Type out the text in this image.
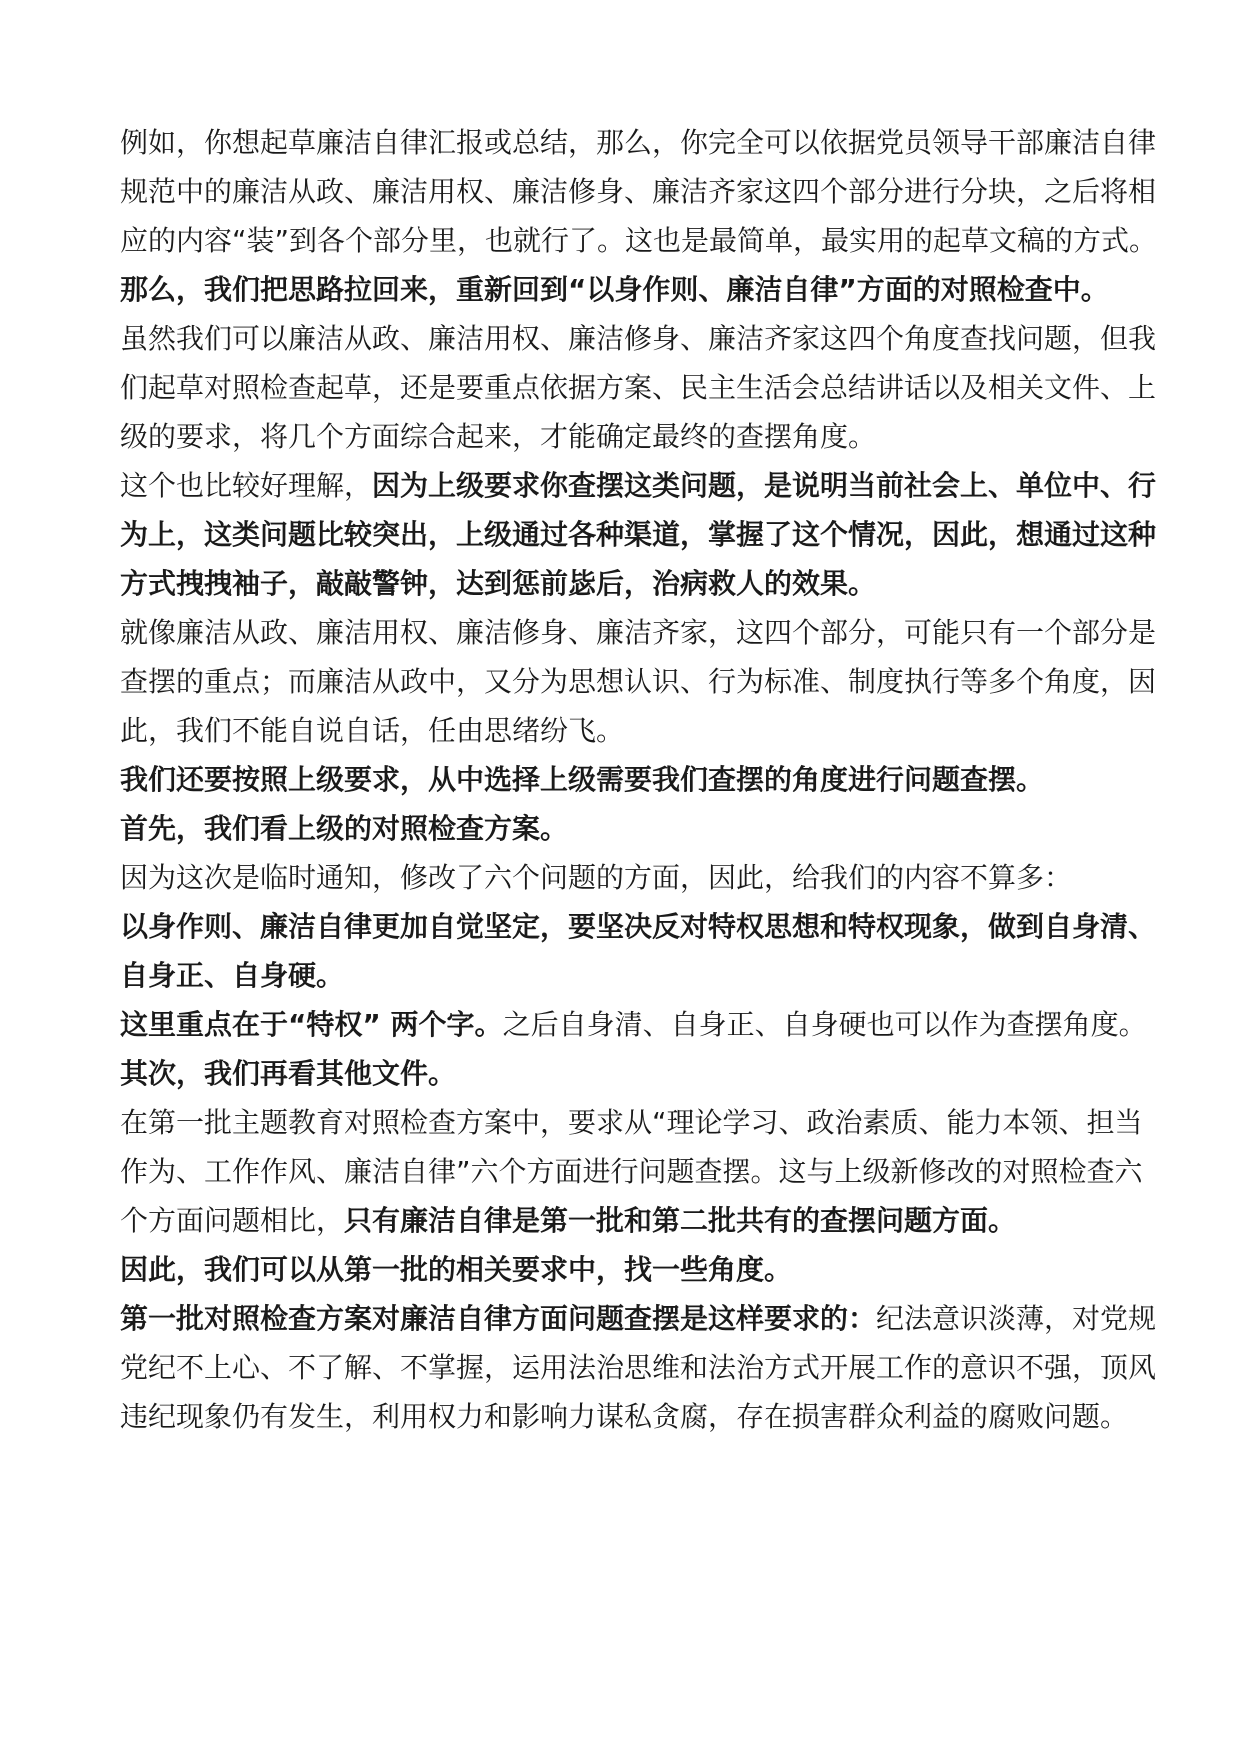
例如，你想起草廉洁自律汇报或总结，那么，你完全可以依据党员领导干部廉洁自律规范中的廉洁从政、廉洁用权、廉洁修身、廉洁齐家这四个部分进行分块，之后将相应的内容“装”到各个部分里，也就行了。这也是最简单，最实用的起草文稿的方式。

那么，我们把思路拉回来，重新回到“以身作则、廉洁自律”方面的对照检查中。

虽然我们可以廉洁从政、廉洁用权、廉洁修身、廉洁齐家这四个角度查找问题，但我们起草对照检查起草，还是要重点依据方案、民主生活会总结讲话以及相关文件、上级的要求，将几个方面综合起来，才能确定最终的查摆角度。

这个也比较好理解，因为上级要求你查摆这类问题，是说明当前社会上、单位中、行为上，这类问题比较突出，上级通过各种渠道，掌握了这个情况，因此，想通过这种方式拽拽袖子，敲敲警钟，达到惩前毖后，治病救人的效果。

就像廉洁从政、廉洁用权、廉洁修身、廉洁齐家，这四个部分，可能只有一个部分是查摆的重点；而廉洁从政中，又分为思想认识、行为标准、制度执行等多个角度，因此，我们不能自说自话，任由思绪纷飞。

我们还要按照上级要求，从中选择上级需要我们查摆的角度进行问题查摆。

首先，我们看上级的对照检查方案。

因为这次是临时通知，修改了六个问题的方面，因此，给我们的内容不算多：

以身作则、廉洁自律更加自觉坚定，要坚决反对特权思想和特权现象，做到自身清、自身正、自身硬。

这里重点在于“特权” 两个字。之后自身清、自身正、自身硬也可以作为查摆角度。

其次，我们再看其他文件。

在第一批主题教育对照检查方案中，要求从“理论学习、政治素质、能力本领、担当作为、工作作风、廉洁自律”六个方面进行问题查摆。这与上级新修改的对照检查六个方面问题相比，只有廉洁自律是第一批和第二批共有的查摆问题方面。

因此，我们可以从第一批的相关要求中，找一些角度。

第一批对照检查方案对廉洁自律方面问题查摆是这样要求的：纪法意识淡薄，对党规党纪不上心、不了解、不掌握，运用法治思维和法治方式开展工作的意识不强，顶风违纪现象仍有发生，利用权力和影响力谋私贪腐，存在损害群众利益的腐败问题。
